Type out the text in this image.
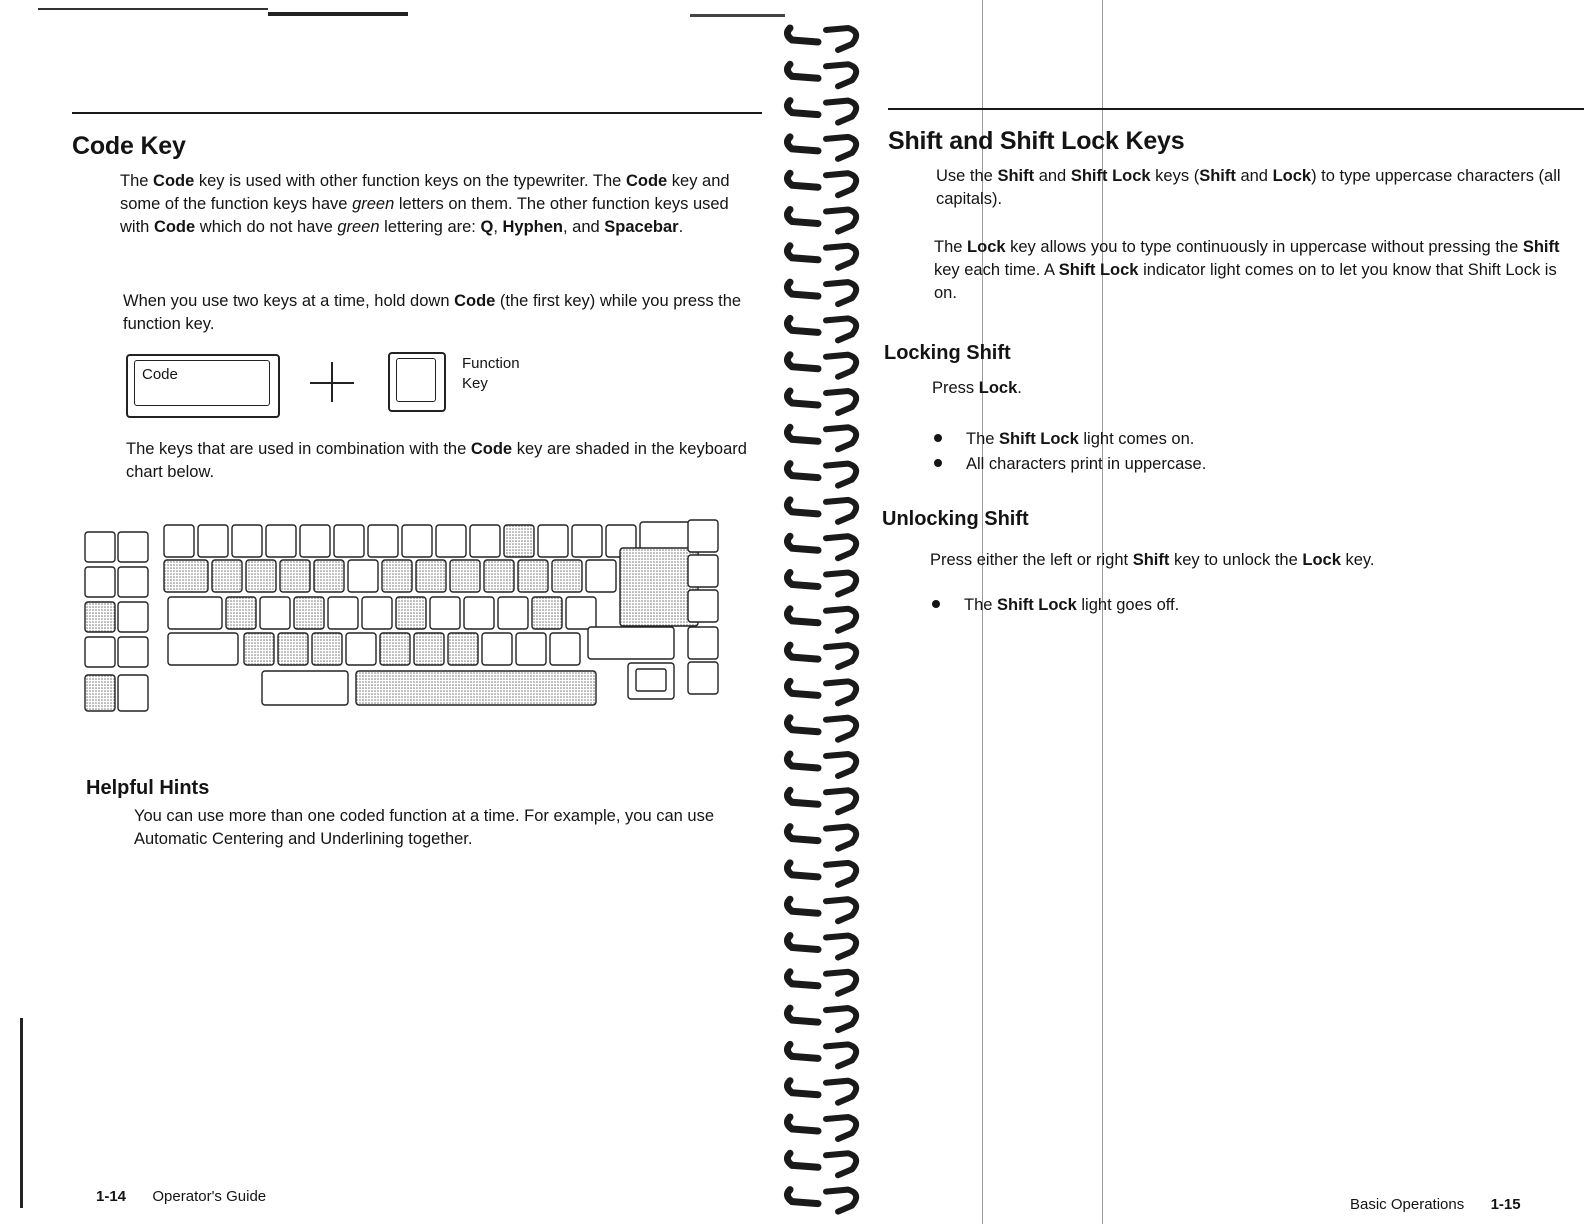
Code Key
The Code key is used with other function keys on the typewriter. The Code key and some of the function keys have green letters on them. The other function keys used with Code which do not have green lettering are: Q, Hyphen, and Spacebar.
When you use two keys at a time, hold down Code (the first key) while you press the function key.
Code
Function
Key
The keys that are used in combination with the Code key are shaded in the keyboard chart below.
Helpful Hints
You can use more than one coded function at a time. For example, you can use Automatic Centering and Underlining together.
1-14 Operator's Guide
Shift and Shift Lock Keys
Use the Shift and Shift Lock keys (Shift and Lock) to type uppercase characters (all capitals).
The Lock key allows you to type continuously in uppercase without pressing the Shift key each time. A Shift Lock indicator light comes on to let you know that Shift Lock is on.
Locking Shift
Press Lock.
The Shift Lock light comes on.
All characters print in uppercase.
Unlocking Shift
Press either the left or right Shift key to unlock the Lock key.
The Shift Lock light goes off.
Basic Operations 1-15
